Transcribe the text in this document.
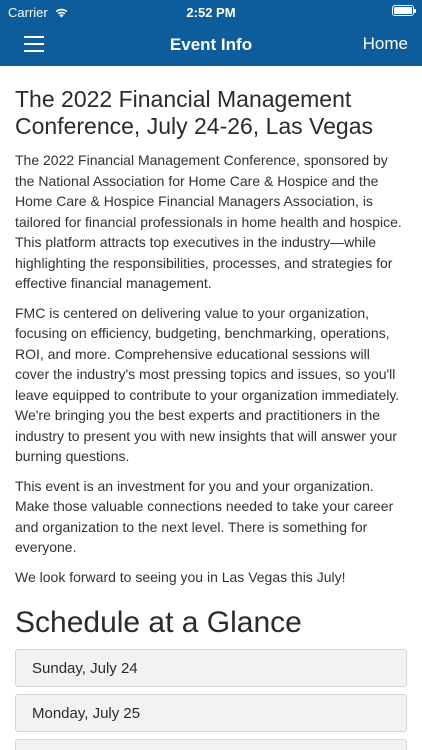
Carrier	2:52 PM
Event Info	Home
The 2022 Financial Management Conference, July 24-26, Las Vegas

The 2022 Financial Management Conference, sponsored by the National Association for Home Care & Hospice and the Home Care & Hospice Financial Managers Association, is tailored for financial professionals in home health and hospice. This platform attracts top executives in the industry—while highlighting the responsibilities, processes, and strategies for effective financial management.

FMC is centered on delivering value to your organization, focusing on efficiency, budgeting, benchmarking, operations, ROI, and more. Comprehensive educational sessions will cover the industry's most pressing topics and issues, so you'll leave equipped to contribute to your organization immediately. We're bringing you the best experts and practitioners in the industry to present you with new insights that will answer your burning questions.

This event is an investment for you and your organization. Make those valuable connections needed to take your career and organization to the next level. There is something for everyone.

We look forward to seeing you in Las Vegas this July!

Schedule at a Glance
Sunday, July 24
Monday, July 25
